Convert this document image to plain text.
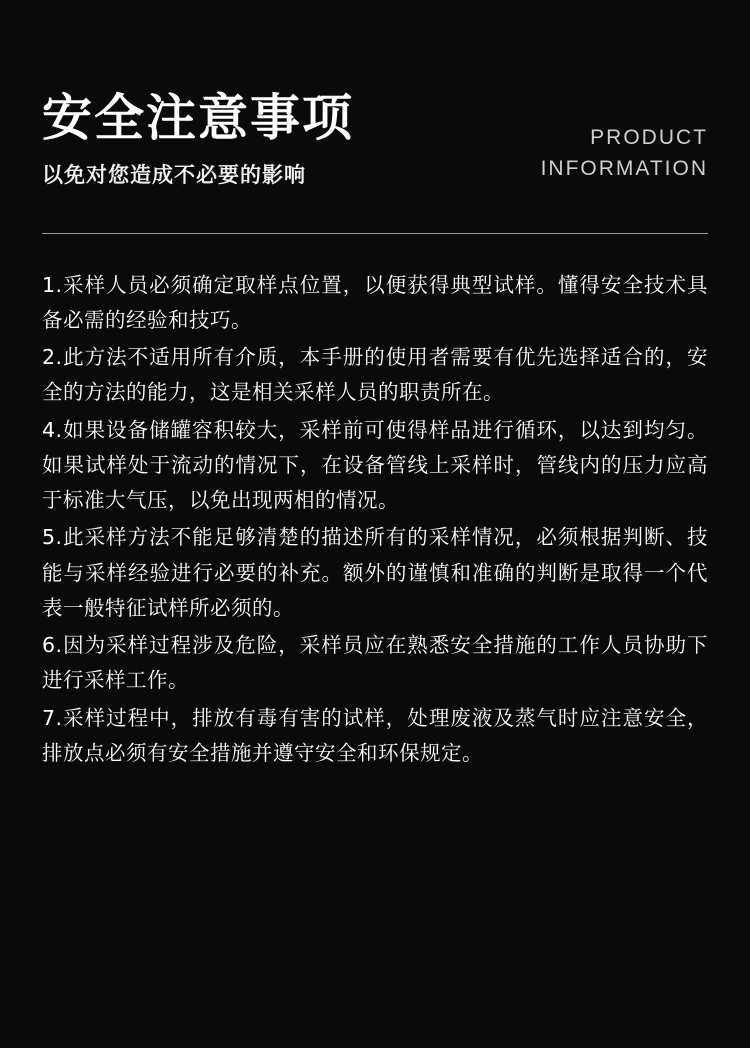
安全注意事项
以免对您造成不必要的影响
PRODUCT
INFORMATION

1.采样人员必须确定取样点位置，以便获得典型试样。懂得安全技术具备必需的经验和技巧。

2.此方法不适用所有介质，本手册的使用者需要有优先选择适合的，安全的方法的能力，这是相关采样人员的职责所在。

4.如果设备储罐容积较大，采样前可使得样品进行循环，以达到均匀。如果试样处于流动的情况下，在设备管线上采样时，管线内的压力应高于标准大气压，以免出现两相的情况。

5.此采样方法不能足够清楚的描述所有的采样情况，必须根据判断、技能与采样经验进行必要的补充。额外的谨慎和准确的判断是取得一个代表一般特征试样所必须的。

6.因为采样过程涉及危险，采样员应在熟悉安全措施的工作人员协助下进行采样工作。

7.采样过程中，排放有毒有害的试样，处理废液及蒸气时应注意安全，排放点必须有安全措施并遵守安全和环保规定。
